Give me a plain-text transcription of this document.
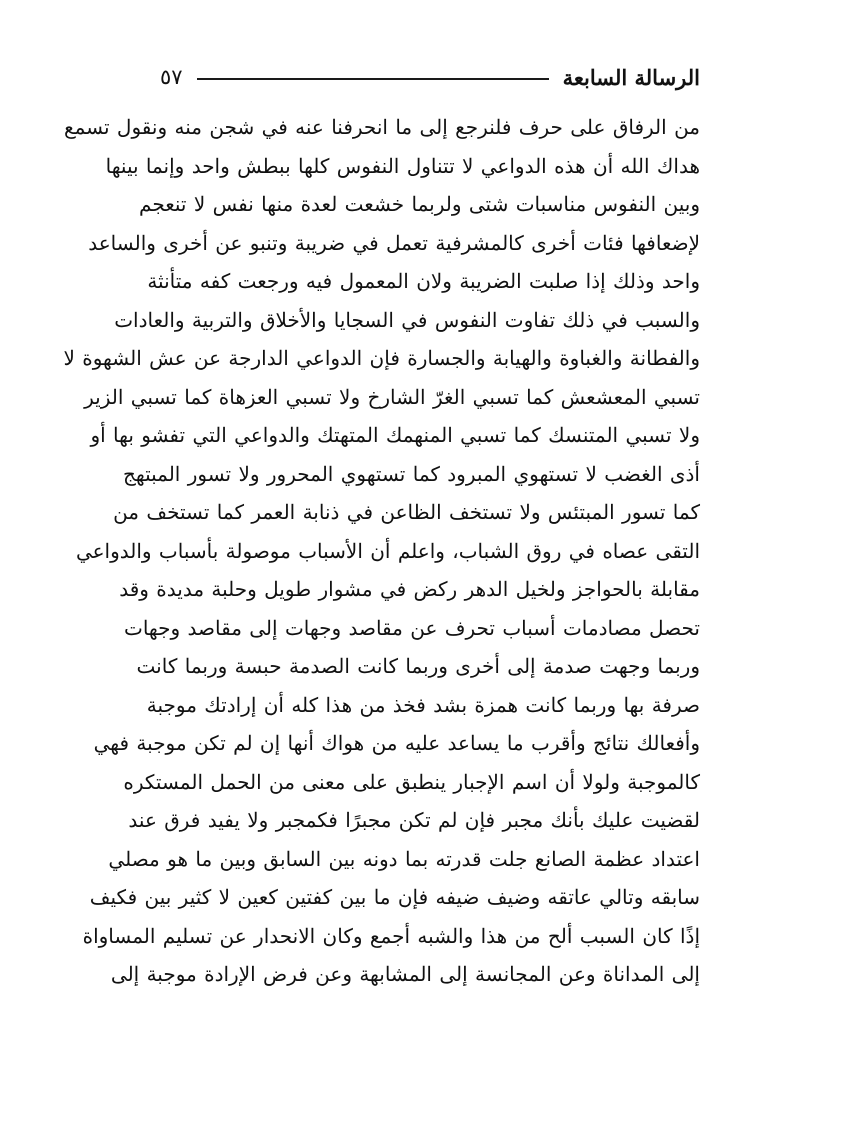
الرسالة السابعة
٥٧
من الرفاق على حرف فلنرجع إلى ما انحرفنا عنه في شجن منه ونقول تسمع
هداك الله أن هذه الدواعي لا تتناول النفوس كلها ببطش واحد وإنما بينها
وبين النفوس مناسبات شتى ولربما خشعت لعدة منها نفس لا تنعجم
لإضعافها فئات أخرى كالمشرفية تعمل في ضريبة وتنبو عن أخرى والساعد
واحد وذلك إذا صلبت الضريبة ولان المعمول فيه ورجعت كفه متأنثة
والسبب في ذلك تفاوت النفوس في السجايا والأخلاق والتربية والعادات
والفطانة والغباوة والهيابة والجسارة فإن الدواعي الدارجة عن عش الشهوة لا
تسبي المعشعش كما تسبي الغرّ الشارخ ولا تسبي العزهاة كما تسبي الزير
ولا تسبي المتنسك كما تسبي المنهمك المتهتك والدواعي التي تفشو بها أو
أذى الغضب لا تستهوي المبرود كما تستهوي المحرور ولا تسور المبتهج
كما تسور المبتئس ولا تستخف الظاعن في ذنابة العمر كما تستخف من
التقى عصاه في روق الشباب، واعلم أن الأسباب موصولة بأسباب والدواعي
مقابلة بالحواجز ولخيل الدهر ركض في مشوار طويل وحلبة مديدة وقد
تحصل مصادمات أسباب تحرف عن مقاصد وجهات إلى مقاصد وجهات
وربما وجهت صدمة إلى أخرى وربما كانت الصدمة حبسة وربما كانت
صرفة بها وربما كانت همزة بشد فخذ من هذا كله أن إرادتك موجبة
وأفعالك نتائج وأقرب ما يساعد عليه من هواك أنها إن لم تكن موجبة فهي
كالموجبة ولولا أن اسم الإجبار ينطبق على معنى من الحمل المستكره
لقضيت عليك بأنك مجبر فإن لم تكن مجبرًا فكمجبر ولا يفيد فرق عند
اعتداد عظمة الصانع جلت قدرته بما دونه بين السابق وبين ما هو مصلي
سابقه وتالي عاتقه وضيف ضيفه فإن ما بين كفتين كعين لا كثير بين فكيف
إذًا كان السبب ألح من هذا والشبه أجمع وكان الانحدار عن تسليم المساواة
إلى المداناة وعن المجانسة إلى المشابهة وعن فرض الإرادة موجبة إلى
